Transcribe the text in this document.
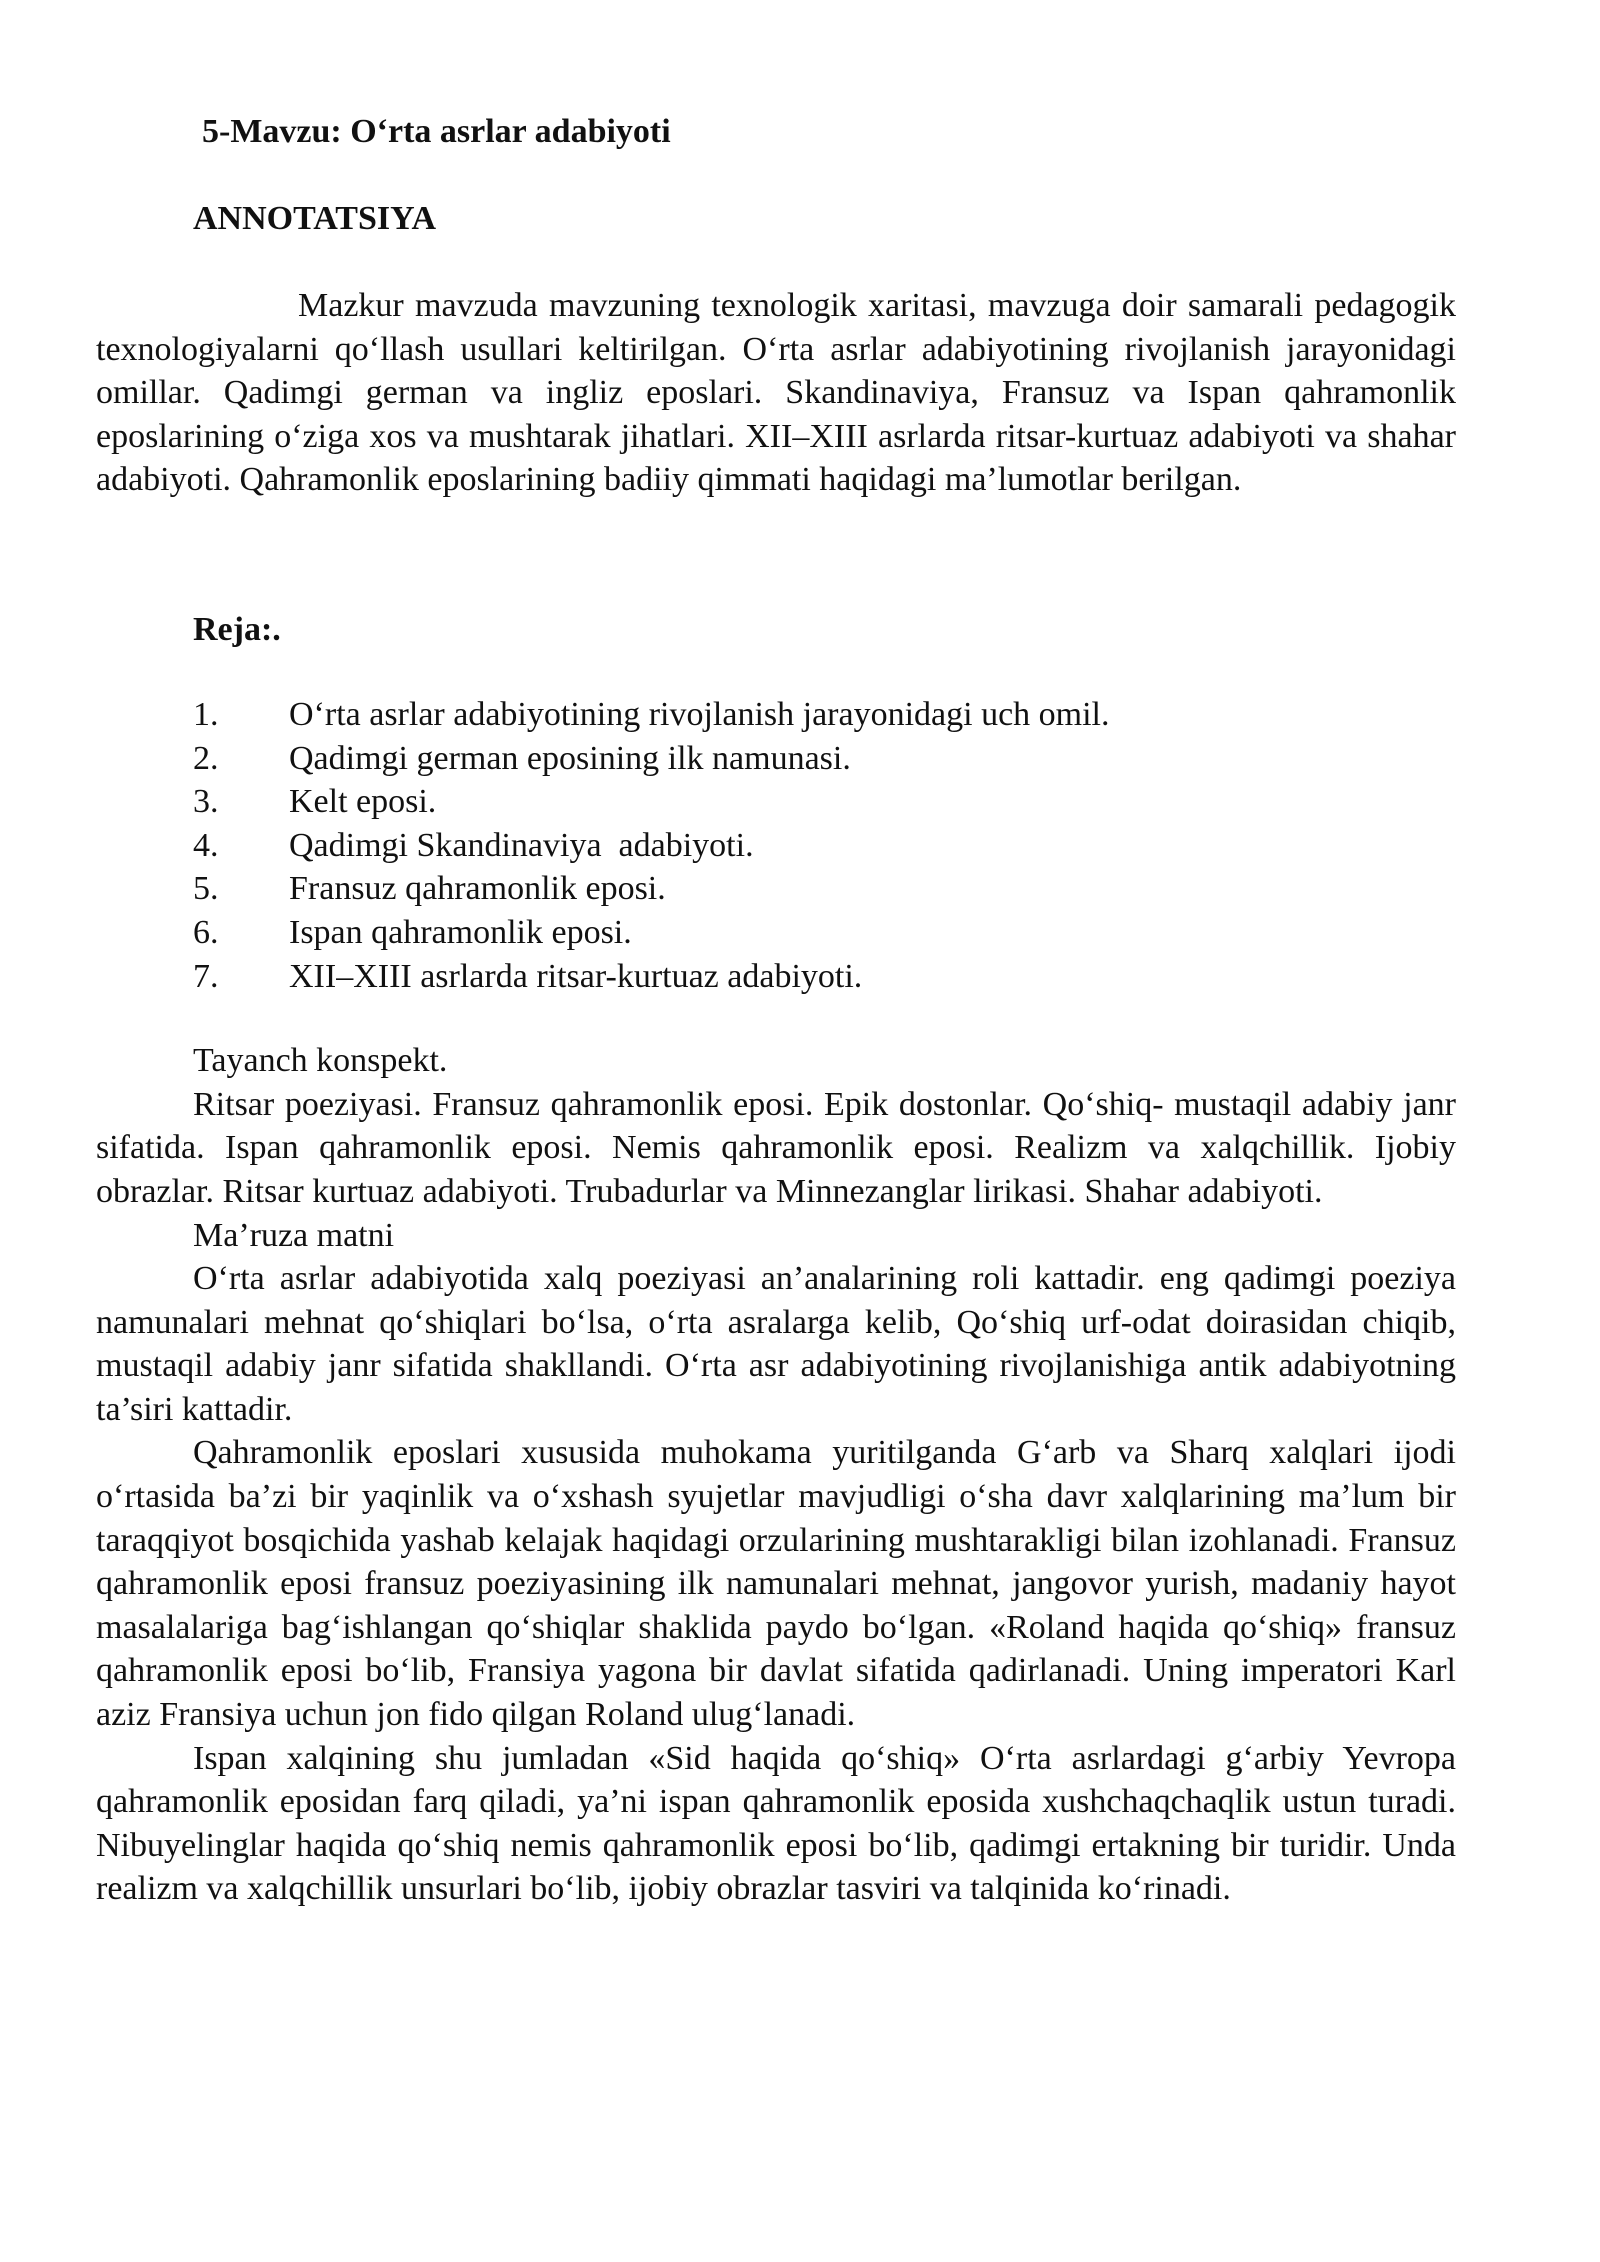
5-Mavzu: O‘rta asrlar adabiyoti
ANNOTATSIYA

Mazkur mavzuda mavzuning texnologik xaritasi, mavzuga doir samarali pedagogik texnologiyalarni qo‘llash usullari keltirilgan. O‘rta asrlar adabiyotining rivojlanish jarayonidagi omillar. Qadimgi german va ingliz eposlari. Skandinaviya, Fransuz va Ispan qahramonlik eposlarining o‘ziga xos va mushtarak jihatlari. XII–XIII asrlarda ritsar-kurtuaz adabiyoti va shahar adabiyoti. Qahramonlik eposlarining badiiy qimmati haqidagi ma’lumotlar berilgan.

Reja:.
1.	O‘rta asrlar adabiyotining rivojlanish jarayonidagi uch omil.
2.	Qadimgi german eposining ilk namunasi.
3.	Kelt eposi.
4.	Qadimgi Skandinaviya  adabiyoti.
5.	Fransuz qahramonlik eposi.
6.	Ispan qahramonlik eposi.
7.	XII–XIII asrlarda ritsar-kurtuaz adabiyoti.
Tayanch konspekt.

Ritsar poeziyasi. Fransuz qahramonlik eposi. Epik dostonlar. Qo‘shiq- mustaqil adabiy janr sifatida. Ispan qahramonlik eposi. Nemis qahramonlik eposi. Realizm va xalqchillik. Ijobiy obrazlar. Ritsar kurtuaz adabiyoti. Trubadurlar va Minnezanglar lirikasi. Shahar adabiyoti.

Ma’ruza matni

O‘rta asrlar adabiyotida xalq poeziyasi an’analarining roli kattadir. eng qadimgi poeziya namunalari mehnat qo‘shiqlari bo‘lsa, o‘rta asralarga kelib, Qo‘shiq urf-odat doirasidan chiqib, mustaqil adabiy janr sifatida shakllandi. O‘rta asr adabiyotining rivojlanishiga antik adabiyotning ta’siri kattadir.

Qahramonlik eposlari xususida muhokama yuritilganda G‘arb va Sharq xalqlari ijodi o‘rtasida ba’zi bir yaqinlik va o‘xshash syujetlar mavjudligi o‘sha davr xalqlarining ma’lum bir taraqqiyot bosqichida yashab kelajak haqidagi orzularining mushtarakligi bilan izohlanadi. Fransuz qahramonlik eposi fransuz poeziyasining ilk namunalari mehnat, jangovor yurish, madaniy hayot masalalariga bag‘ishlangan qo‘shiqlar shaklida paydo bo‘lgan. «Roland haqida qo‘shiq» fransuz qahramonlik eposi bo‘lib, Fransiya yagona bir davlat sifatida qadirlanadi. Uning imperatori Karl aziz Fransiya uchun jon fido qilgan Roland ulug‘lanadi.

Ispan xalqining shu jumladan «Sid haqida qo‘shiq» O‘rta asrlardagi g‘arbiy Yevropa qahramonlik eposidan farq qiladi, ya’ni ispan qahramonlik eposida xushchaqchaqlik ustun turadi. Nibuyelinglar haqida qo‘shiq nemis qahramonlik eposi bo‘lib, qadimgi ertakning bir turidir. Unda realizm va xalqchillik unsurlari bo‘lib, ijobiy obrazlar tasviri va talqinida ko‘rinadi.
